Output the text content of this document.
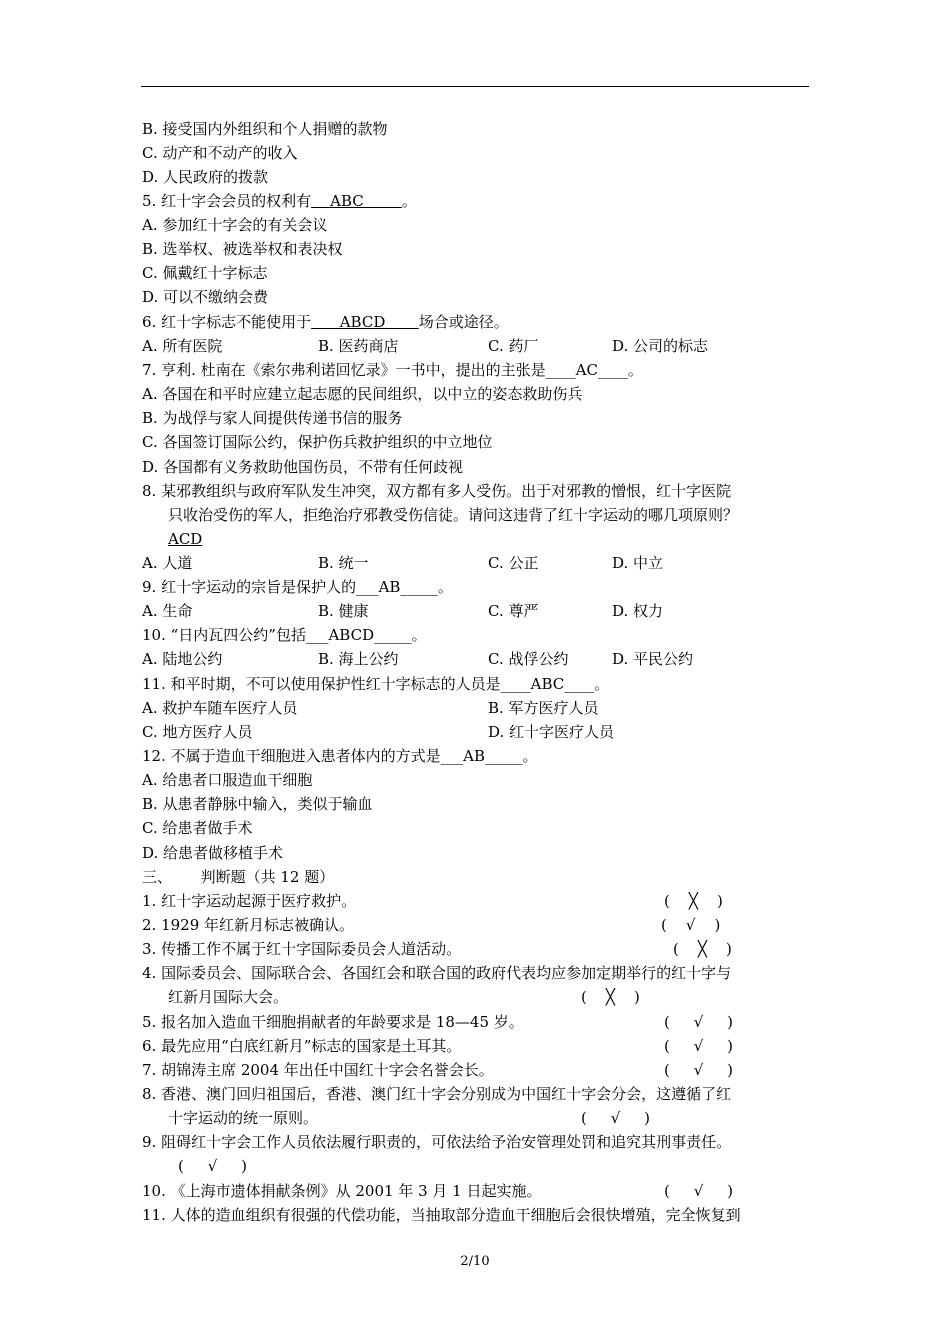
B. 接受国内外组织和个人捐赠的款物
C. 动产和不动产的收入
D. 人民政府的拨款
5. 红十字会会员的权利有    ABC        。
A. 参加红十字会的有关会议
B. 选举权、被选举权和表决权
C. 佩戴红十字标志
D. 可以不缴纳会费
6. 红十字标志不能使用于      ABCD       场合或途径。
A. 所有医院	B. 医药商店	C. 药厂	D. 公司的标志
7. 亨利. 杜南在《索尔弗利诺回忆录》一书中，提出的主张是____AC____。
A. 各国在和平时应建立起志愿的民间组织，以中立的姿态救助伤兵
B. 为战俘与家人间提供传递书信的服务
C. 各国签订国际公约，保护伤兵救护组织的中立地位
D. 各国都有义务救助他国伤员，不带有任何歧视
8. 某邪教组织与政府军队发生冲突，双方都有多人受伤。出于对邪教的憎恨，红十字医院
只收治受伤的军人，拒绝治疗邪教受伤信徒。请问这违背了红十字运动的哪几项原则？
ACD
A. 人道	B. 统一	C. 公正	D. 中立
9. 红十字运动的宗旨是保护人的___AB_____。
A. 生命	B. 健康	C. 尊严	D. 权力
10. “日内瓦四公约”包括___ABCD_____。
A. 陆地公约	B. 海上公约	C. 战俘公约	D. 平民公约
11. 和平时期，不可以使用保护性红十字标志的人员是____ABC____。
A. 救护车随车医疗人员	B. 军方医疗人员
C. 地方医疗人员	D. 红十字医疗人员
12. 不属于造血干细胞进入患者体内的方式是___AB_____。
A. 给患者口服造血干细胞
B. 从患者静脉中输入，类似于输血
C. 给患者做手术
D. 给患者做移植手术
三、      判断题（共 12 题）
1. 红十字运动起源于医疗救护。	(    ╳    )
2. 1929 年红新月标志被确认。	(    √    )
3. 传播工作不属于红十字国际委员会人道活动。	(    ╳    )
4. 国际委员会、国际联合会、各国红会和联合国的政府代表均应参加定期举行的红十字与
红新月国际大会。	(    ╳    )
5. 报名加入造血干细胞捐献者的年龄要求是 18—45 岁。	(     √     )
6. 最先应用“白底红新月”标志的国家是土耳其。	(     √     )
7. 胡锦涛主席 2004 年出任中国红十字会名誉会长。	(     √     )
8. 香港、澳门回归祖国后，香港、澳门红十字会分别成为中国红十字会分会，这遵循了红
十字运动的统一原则。	(     √     )
9. 阻碍红十字会工作人员依法履行职责的，可依法给予治安管理处罚和追究其刑事责任。
(     √     )
10. 《上海市遗体捐献条例》从 2001 年 3 月 1 日起实施。	(     √     )
11. 人体的造血组织有很强的代偿功能，当抽取部分造血干细胞后会很快增殖，完全恢复到
2/10
